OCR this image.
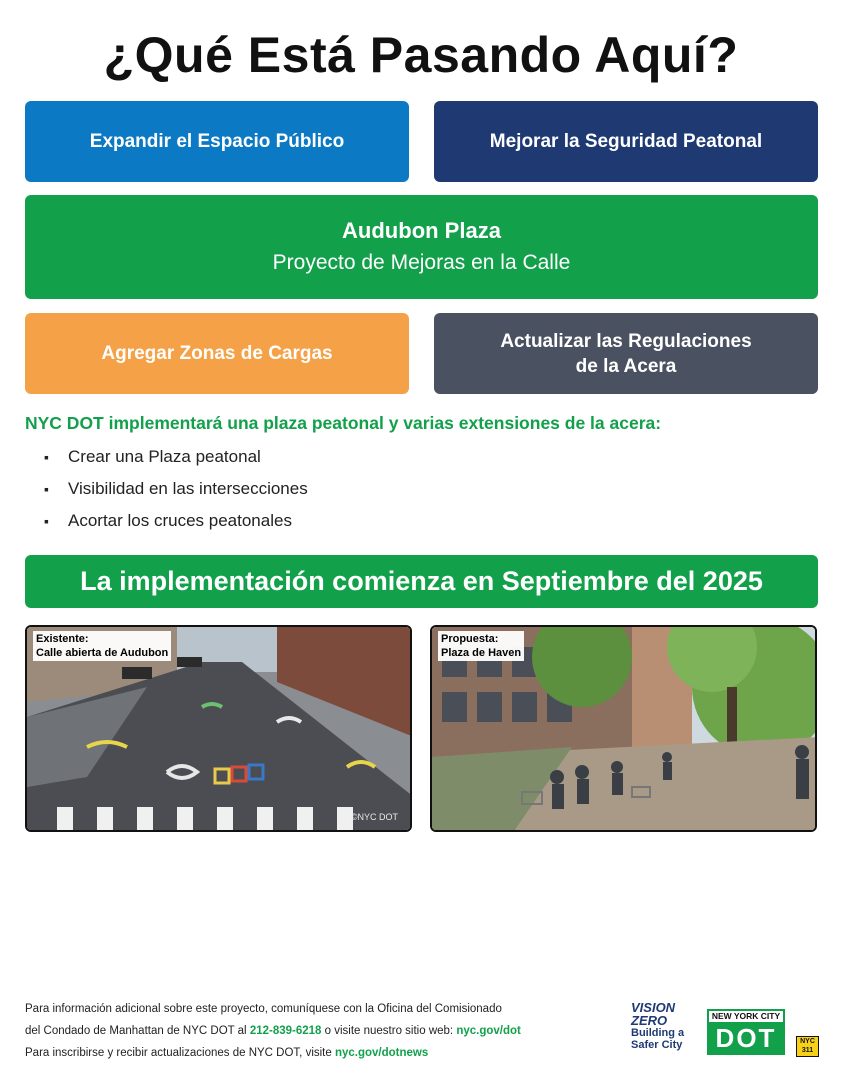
¿Qué Está Pasando Aquí?
Expandir el Espacio Público	Mejorar la Seguridad Peatonal
Audubon Plaza
Proyecto de Mejoras en la Calle
Agregar Zonas de Cargas
Actualizar las Regulaciones
de la Acera
NYC DOT implementará una plaza peatonal y varias extensiones de la acera:
▪	Crear una Plaza peatonal
▪	Visibilidad en las intersecciones
▪	Acortar los cruces peatonales
La implementación comienza en Septiembre del 2025
Existente:
Calle abierta de Audubon
©NYC DOT
Propuesta:
Plaza de Haven
Para información adicional sobre este proyecto, comuníquese con la Oficina del Comisionado
del Condado de Manhattan de NYC DOT al 212-839-6218 o visite nuestro sitio web: nyc.gov/dot
Para inscribirse y recibir actualizaciones de NYC DOT, visite nyc.gov/dotnews
VISION
ZERO
Building a
Safer City
NEW YORK CITY
DOT	NYC
311
